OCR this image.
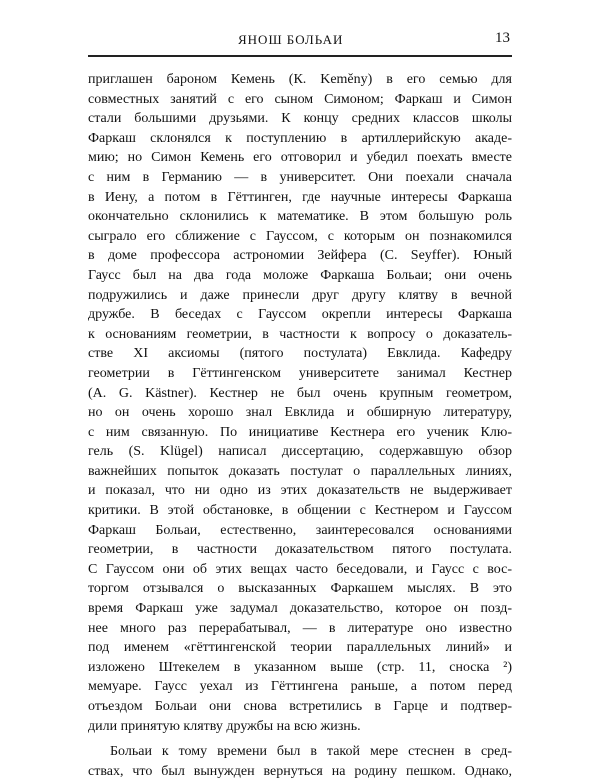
ЯНОШ БОЛЬАИ	13
приглашен бароном Кемень (К. Keměny) в его семью для
совместных занятий с его сыном Симоном; Фаркаш и Симон
стали большими друзьями. К концу средних классов школы
Фаркаш склонялся к поступлению в артиллерийскую акаде-
мию; но Симон Кемень его отговорил и убедил поехать вместе
с ним в Германию — в университет. Они поехали сначала
в Иену, а потом в Гёттинген, где научные интересы Фаркаша
окончательно склонились к математике. В этом большую роль
сыграло его сближение с Гауссом, с которым он познакомился
в доме профессора астрономии Зейфера (C. Seyffer). Юный
Гаусс был на два года моложе Фаркаша Больаи; они очень
подружились и даже принесли друг другу клятву в вечной
дружбе. В беседах с Гауссом окрепли интересы Фаркаша
к основаниям геометрии, в частности к вопросу о доказатель-
стве XI аксиомы (пятого постулата) Евклида. Кафедру
геометрии в Гёттингенском университете занимал Кестнер
(A. G. Kästner). Кестнер не был очень крупным геометром,
но он очень хорошо знал Евклида и обширную литературу,
с ним связанную. По инициативе Кестнера его ученик Клю-
гель (S. Klügel) написал диссертацию, содержавшую обзор
важнейших попыток доказать постулат о параллельных линиях,
и показал, что ни одно из этих доказательств не выдерживает
критики. В этой обстановке, в общении с Кестнером и Гауссом
Фаркаш Больаи, естественно, заинтересовался основаниями
геометрии, в частности доказательством пятого постулата.
С Гауссом они об этих вещах часто беседовали, и Гаусс с вос-
торгом отзывался о высказанных Фаркашем мыслях. В это
время Фаркаш уже задумал доказательство, которое он позд-
нее много раз перерабатывал, — в литературе оно известно
под именем «гёттингенской теории параллельных линий» и
изложено Штекелем в указанном выше (стр. 11, сноска ²)
мемуаре. Гаусс уехал из Гёттингена раньше, а потом перед
отъездом Больаи они снова встретились в Гарце и подтвер-
дили принятую клятву дружбы на всю жизнь.
Больаи к тому времени был в такой мере стеснен в сред-
ствах, что был вынужден вернуться на родину пешком. Однако,
